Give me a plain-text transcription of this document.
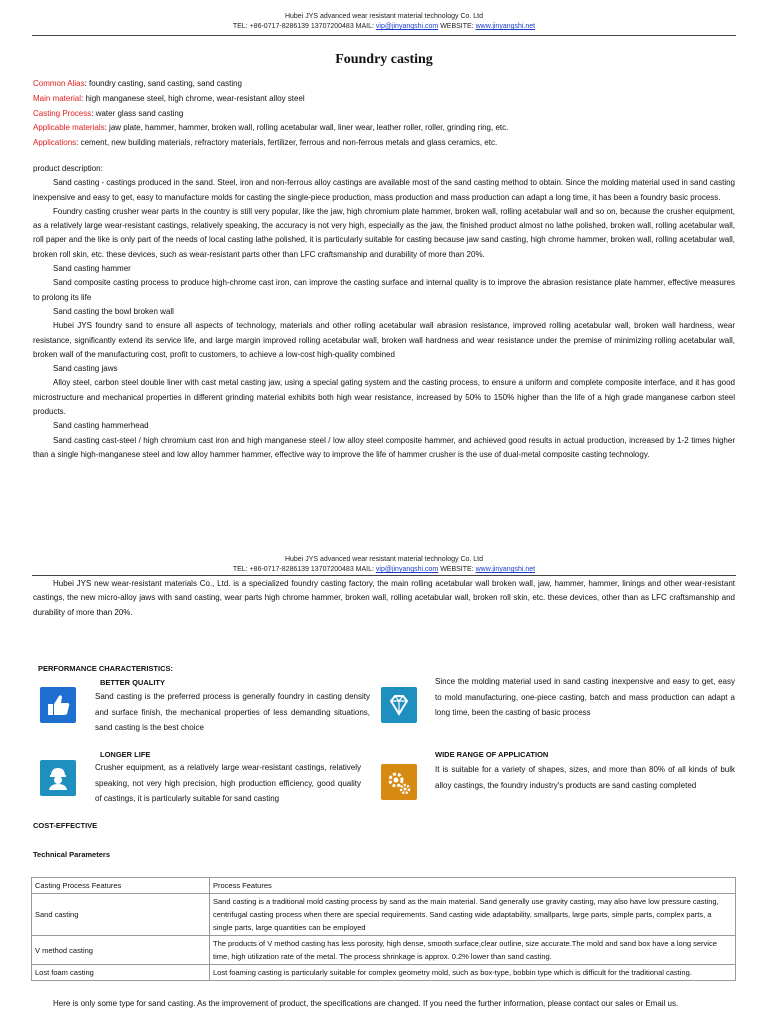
Hubei JYS advanced wear resistant material technology Co. Ltd
TEL: +86-0717-8286139 13707200483 MAIL: vip@jinyangshi.com WEBSITE: www.jinyangshi.net
Foundry casting
Common Alias: foundry casting, sand casting, sand casting
Main material: high manganese steel, high chrome, wear-resistant alloy steel
Casting Process: water glass sand casting
Applicable materials: jaw plate, hammer, hammer, broken wall, rolling acetabular wall, liner wear, leather roller, roller, grinding ring, etc.
Applications: cement, new building materials, refractory materials, fertilizer, ferrous and non-ferrous metals and glass ceramics, etc.

product description:

Sand casting - castings produced in the sand. Steel, iron and non-ferrous alloy castings are available most of the sand casting method to obtain. Since the molding material used in sand casting inexpensive and easy to get, easy to manufacture molds for casting the single-piece production, mass production and mass production can adapt a long time, it has been a foundry basic process.

Foundry casting crusher wear parts in the country is still very popular, like the jaw, high chromium plate hammer, broken wall, rolling acetabular wall and so on, because the crusher equipment, as a relatively large wear-resistant castings, relatively speaking, the accuracy is not very high, especially as the jaw, the finished product almost no lathe polished, broken wall, rolling acetabular wall, roll paper and the like is only part of the needs of local casting lathe polished, it is particularly suitable for casting because jaw sand casting, high chrome hammer, broken wall, rolling acetabular wall, broken roll skin, etc. these devices, such as wear-resistant parts other than LFC craftsmanship and durability of more than 20%.

Sand casting hammer

Sand composite casting process to produce high-chrome cast iron, can improve the casting surface and internal quality is to improve the abrasion resistance plate hammer, effective measures to prolong its life

Sand casting the bowl broken wall

Hubei JYS foundry sand to ensure all aspects of technology, materials and other rolling acetabular wall abrasion resistance, improved rolling acetabular wall, broken wall hardness, wear resistance, significantly extend its service life, and large margin improved rolling acetabular wall, broken wall hardness and wear resistance under the premise of minimizing rolling acetabular wall, broken wall of the manufacturing cost, profit to customers, to achieve a low-cost high-quality combined

Sand casting jaws

Alloy steel, carbon steel double liner with cast metal casting jaw, using a special gating system and the casting process, to ensure a uniform and complete composite interface, and it has good microstructure and mechanical properties in different grinding material exhibits both high wear resistance, increased by 50% to 150% higher than the life of a high grade manganese carbon steel products.

Sand casting hammerhead

Sand casting cast-steel / high chromium cast iron and high manganese steel / low alloy steel composite hammer, and achieved good results in actual production, increased by 1-2 times higher than a single high-manganese steel and low alloy hammer hammer, effective way to improve the life of hammer crusher is the use of dual-metal composite casting technology.

Hubei JYS advanced wear resistant material technology Co. Ltd
TEL: +86-0717-8286139 13707200483 MAIL: vip@jinyangshi.com WEBSITE: www.jinyangshi.net

Hubei JYS new wear-resistant materials Co., Ltd. is a specialized foundry casting factory, the main rolling acetabular wall broken wall, jaw, hammer, hammer, linings and other wear-resistant castings, the new micro-alloy jaws with sand casting, wear parts high chrome hammer, broken wall, rolling acetabular wall, broken roll skin, etc. these devices, other than as LFC craftsmanship and durability of more than 20%.

PERFORMANCE CHARACTERISTICS:
BETTER QUALITY
Sand casting is the preferred process is generally foundry in casting density and surface finish, the mechanical properties of less demanding situations, sand casting is the best choice
Since the molding material used in sand casting inexpensive and easy to get, easy to mold manufacturing, one-piece casting, batch and mass production can adapt a long time, been the casting of basic process
LONGER LIFE
Crusher equipment, as a relatively large wear-resistant castings, relatively speaking, not very high precision, high production efficiency, good quality of castings, it is particularly suitable for sand casting
WIDE RANGE OF APPLICATION
It is suitable for a variety of shapes, sizes, and more than 80% of all kinds of bulk alloy castings, the foundry industry's products are sand casting completed
COST-EFFECTIVE
Technical Parameters
Casting Process Features	Process Features
Sand casting	Sand casting is a traditional mold casting process by sand as the main material. Sand generally use gravity casting, may also have low pressure casting, centrifugal casting process when there are special requirements. Sand casting wide adaptability, smallparts, large parts, simple parts, complex parts, a single parts, large quantities can be employed
V method casting	The products of V method casting has less porosity, high dense, smooth surface,clear outline, size accurate.The mold and sand box have a long service time, high utilization rate of the metal. The process shrinkage is approx. 0.2% lower than sand casting.
Lost foam casting	Lost foaming casting is particularly suitable for complex geometry mold, such as box-type, bobbin type which is difficult for the traditional casting.

Here is only some type for sand casting. As the improvement of product, the specifications are changed. If you need the further information, please contact our sales or Email us.
